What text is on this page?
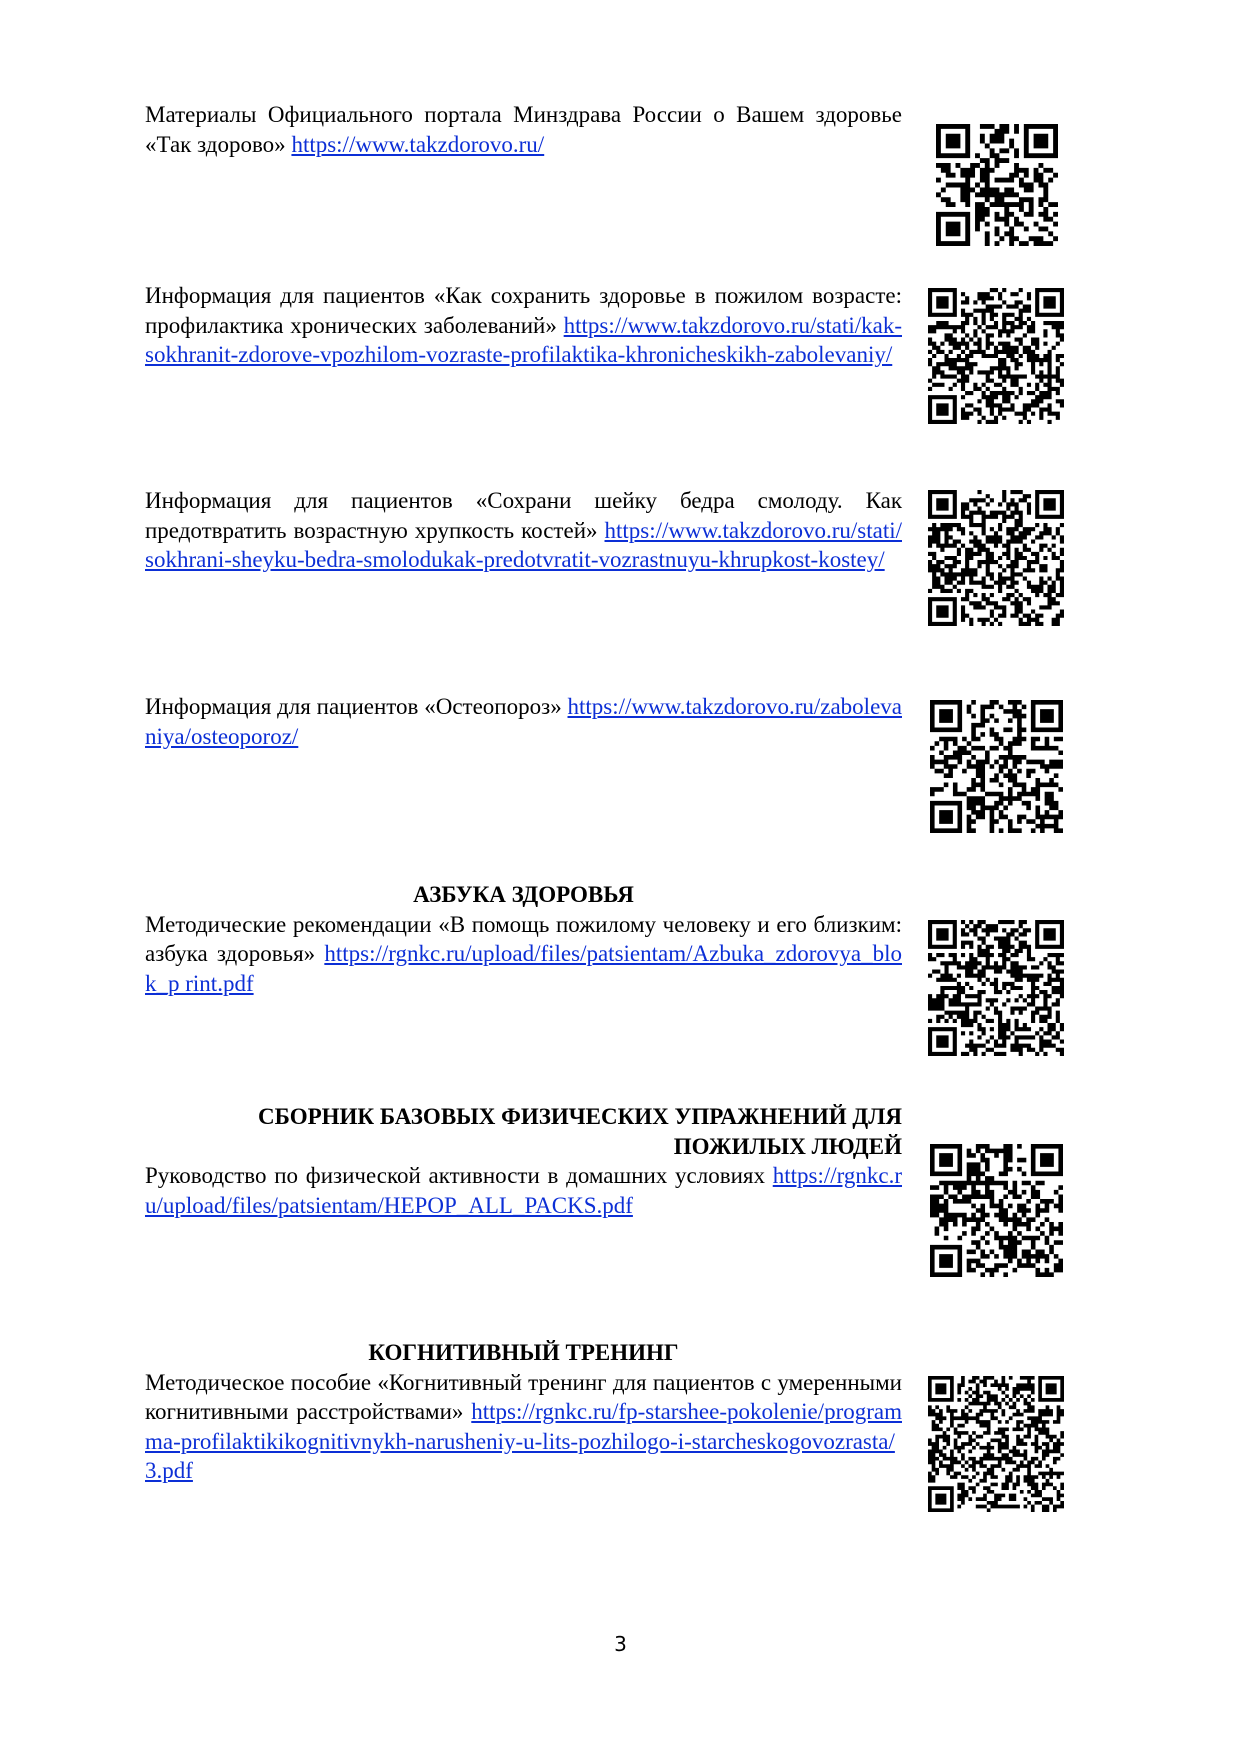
Материалы Официального портала Минздрава России о Вашем здоровье «Так здорово» https://www.takzdorovo.ru/
Информация для пациентов «Как сохранить здоровье в пожилом возрасте: профилактика хронических заболеваний» https://www.takzdorovo.ru/stati/kak-sokhranit-zdorove-vpozhilom-vozraste-profilaktika-khronicheskikh-zabolevaniy/
Информация для пациентов «Сохрани шейку бедра смолоду. Как предотвратить возрастную хрупкость костей» https://www.takzdorovo.ru/stati/sokhrani-sheyku-bedra-smolodukak-predotvratit-vozrastnuyu-khrupkost-kostey/
Информация для пациентов «Остеопороз» https://www.takzdorovo.ru/zabolevaniya/osteoporoz/
АЗБУКА ЗДОРОВЬЯ
Методические рекомендации «В помощь пожилому человеку и его близким: азбука здоровья» https://rgnkc.ru/upload/files/patsientam/Azbuka_zdorovya_blok_p rint.pdf
СБОРНИК БАЗОВЫХ ФИЗИЧЕСКИХ УПРАЖНЕНИЙ ДЛЯ ПОЖИЛЫХ ЛЮДЕЙ
Руководство по физической активности в домашних условиях https://rgnkc.ru/upload/files/patsientam/HEPOP_ALL_PACKS.pdf
КОГНИТИВНЫЙ ТРЕНИНГ
Методическое пособие «Когнитивный тренинг для пациентов с умеренными когнитивными расстройствами» https://rgnkc.ru/fp-starshee-pokolenie/programma-profilaktikikognitivnykh-narusheniy-u-lits-pozhilogo-i-starcheskogovozrasta/3.pdf
3
